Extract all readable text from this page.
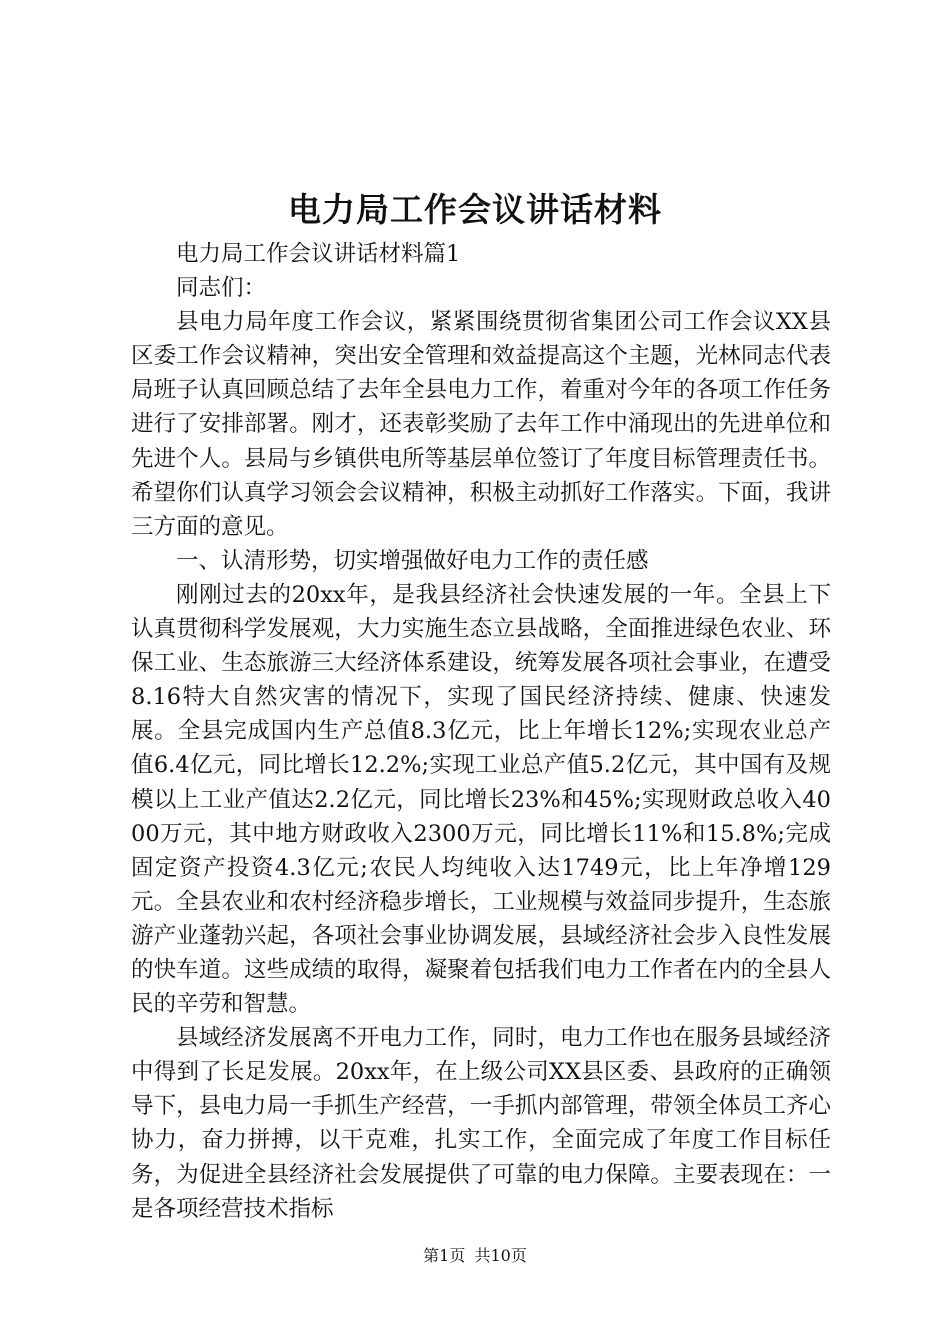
电力局工作会议讲话材料

电力局工作会议讲话材料篇1

同志们：

县电力局年度工作会议，紧紧围绕贯彻省集团公司工作会议XX县区委工作会议精神，突出安全管理和效益提高这个主题，光林同志代表局班子认真回顾总结了去年全县电力工作，着重对今年的各项工作任务进行了安排部署。刚才，还表彰奖励了去年工作中涌现出的先进单位和先进个人。县局与乡镇供电所等基层单位签订了年度目标管理责任书。希望你们认真学习领会会议精神，积极主动抓好工作落实。下面，我讲三方面的意见。

一、认清形势，切实增强做好电力工作的责任感

刚刚过去的20xx年，是我县经济社会快速发展的一年。全县上下认真贯彻科学发展观，大力实施生态立县战略，全面推进绿色农业、环保工业、生态旅游三大经济体系建设，统筹发展各项社会事业，在遭受8.16特大自然灾害的情况下，实现了国民经济持续、健康、快速发展。全县完成国内生产总值8.3亿元，比上年增长12%;实现农业总产值6.4亿元，同比增长12.2%;实现工业总产值5.2亿元，其中国有及规模以上工业产值达2.2亿元，同比增长23%和45%;实现财政总收入4000万元，其中地方财政收入2300万元，同比增长11%和15.8%;完成固定资产投资4.3亿元;农民人均纯收入达1749元，比上年净增129元。全县农业和农村经济稳步增长，工业规模与效益同步提升，生态旅游产业蓬勃兴起，各项社会事业协调发展，县域经济社会步入良性发展的快车道。这些成绩的取得，凝聚着包括我们电力工作者在内的全县人民的辛劳和智慧。

县域经济发展离不开电力工作，同时，电力工作也在服务县域经济中得到了长足发展。20xx年，在上级公司XX县区委、县政府的正确领导下，县电力局一手抓生产经营，一手抓内部管理，带领全体员工齐心协力，奋力拼搏，以干克难，扎实工作，全面完成了年度工作目标任务，为促进全县经济社会发展提供了可靠的电力保障。主要表现在：一是各项经营技术指标

第1页 共10页
